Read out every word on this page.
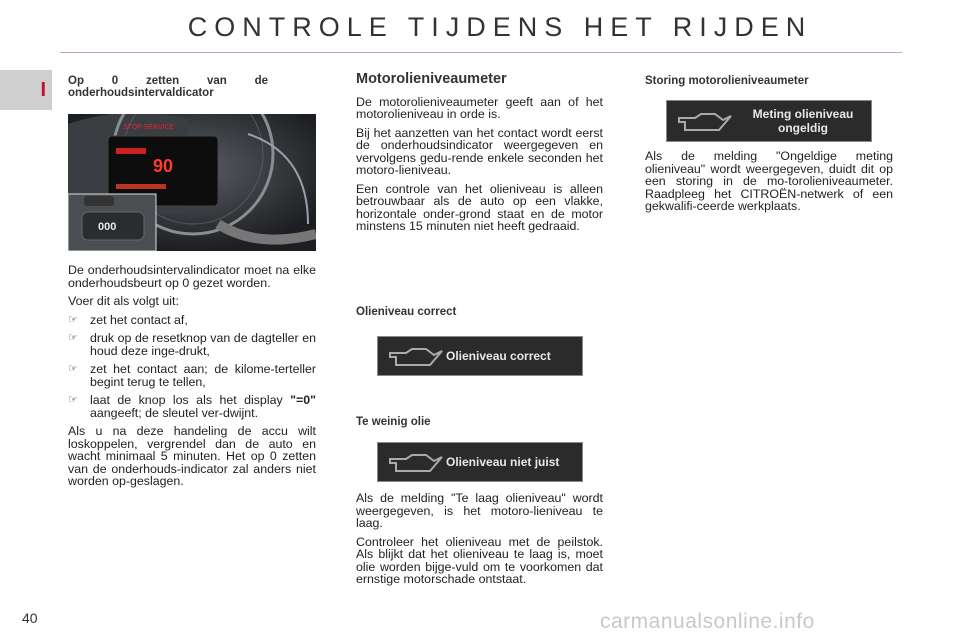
CONTROLE TIJDENS HET RIJDEN
I Op 0 zetten van de onderhoudsintervaldicator

STOP SERVICE
90
000

De onderhoudsintervalindicator moet na elke onderhoudsbeurt op 0 gezet worden.

Voer dit als volgt uit:

☞ zet het contact af,
☞ druk op de resetknop van de dagteller en houd deze inge-drukt,
☞ zet het contact aan; de kilome-terteller begint terug te tellen,
☞ laat de knop los als het display "=0" aangeeft; de sleutel ver-dwijnt.

Als u na deze handeling de accu wilt loskoppelen, vergrendel dan de auto en wacht minimaal 5 minuten. Het op 0 zetten van de onderhouds-indicator zal anders niet worden op-geslagen.

Motorolieniveaumeter

De motorolieniveaumeter geeft aan of het motorolieniveau in orde is.

Bij het aanzetten van het contact wordt eerst de onderhoudsindicator weergegeven en vervolgens gedu-rende enkele seconden het motoro-lieniveau.

Een controle van het olieniveau is alleen betrouwbaar als de auto op een vlakke, horizontale onder-grond staat en de motor minstens 15 minuten niet heeft gedraaid.

Olieniveau correct

Olieniveau correct

Te weinig olie

Olieniveau niet juist

Als de melding "Te laag olieniveau" wordt weergegeven, is het motoro-lieniveau te laag.

Controleer het olieniveau met de peilstok. Als blijkt dat het olieniveau te laag is, moet olie worden bijge-vuld om te voorkomen dat ernstige motorschade ontstaat.

Storing motorolieniveaumeter

Meting olieniveau
ongeldig

Als de melding "Ongeldige meting olieniveau" wordt weergegeven, duidt dit op een storing in de mo-torolieniveaumeter. Raadpleeg het CITROËN-netwerk of een gekwalifi-ceerde werkplaats.

40	carmanualsonline.info
